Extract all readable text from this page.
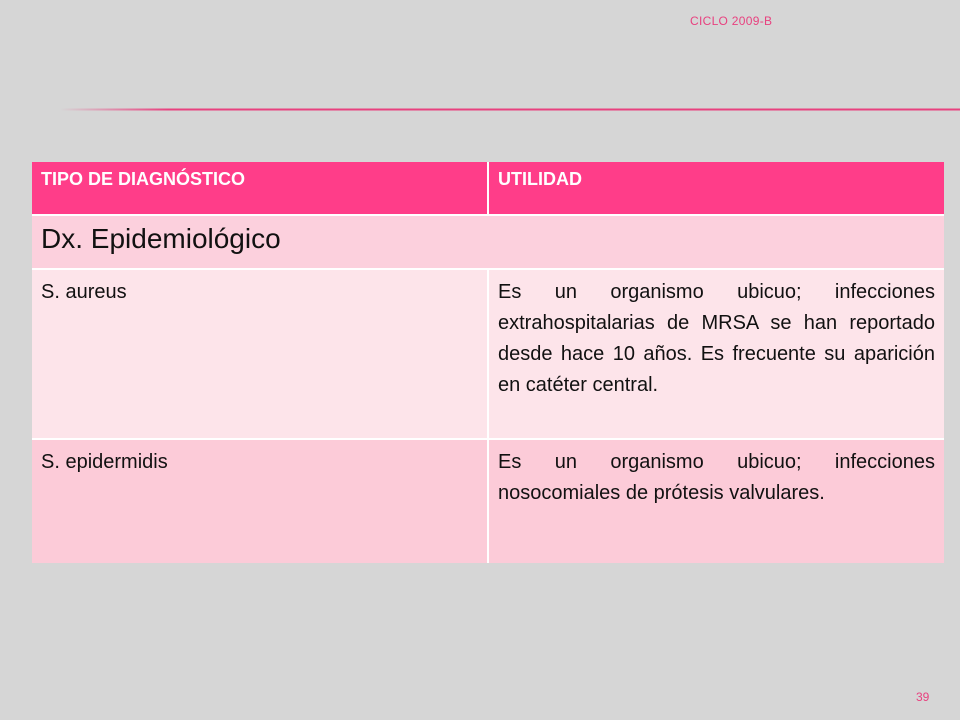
CICLO 2009-B
TIPO DE DIAGNÓSTICO	UTILIDAD
Dx. Epidemiológico	
S. aureus	Es un organismo ubicuo; infecciones extrahospitalarias de MRSA se han reportado desde hace 10 años. Es frecuente su aparición en catéter central.
S. epidermidis	Es un organismo ubicuo; infecciones nosocomiales de prótesis valvulares.
39
